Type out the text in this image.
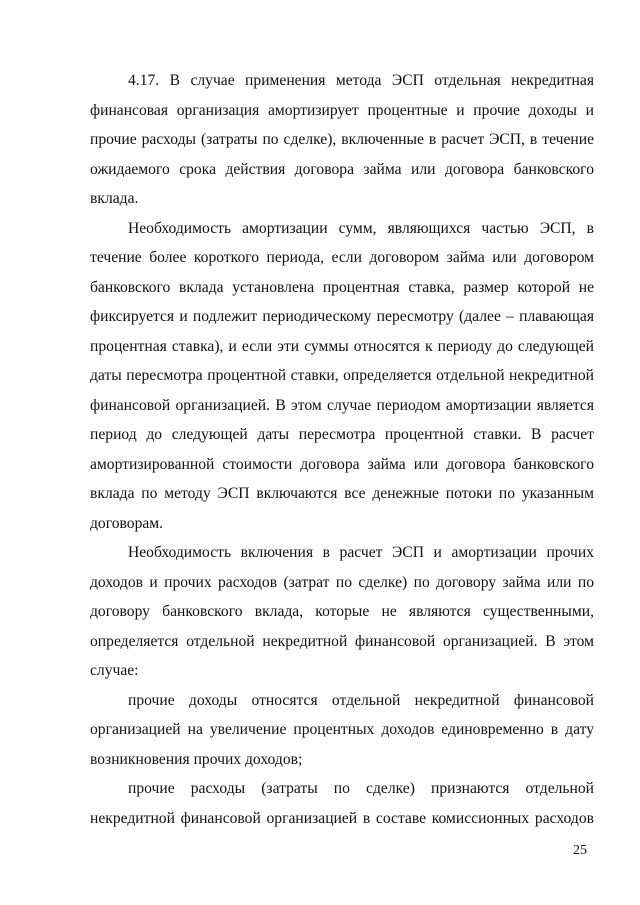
4.17. В случае применения метода ЭСП отдельная некредитная
финансовая организация амортизирует процентные и прочие доходы и
прочие расходы (затраты по сделке), включенные в расчет ЭСП, в течение
ожидаемого срока действия договора займа или договора банковского
вклада.
Необходимость амортизации сумм, являющихся частью ЭСП, в
течение более короткого периода, если договором займа или договором
банковского вклада установлена процентная ставка, размер которой не
фиксируется и подлежит периодическому пересмотру (далее – плавающая
процентная ставка), и если эти суммы относятся к периоду до следующей
даты пересмотра процентной ставки, определяется отдельной некредитной
финансовой организацией. В этом случае периодом амортизации является
период до следующей даты пересмотра процентной ставки. В расчет
амортизированной стоимости договора займа или договора банковского
вклада по методу ЭСП включаются все денежные потоки по указанным
договорам.
Необходимость включения в расчет ЭСП и амортизации прочих
доходов и прочих расходов (затрат по сделке) по договору займа или по
договору банковского вклада, которые не являются существенными,
определяется отдельной некредитной финансовой организацией. В этом
случае:
прочие доходы относятся отдельной некредитной финансовой
организацией на увеличение процентных доходов единовременно в дату
возникновения прочих доходов;
прочие расходы (затраты по сделке) признаются отдельной
некредитной финансовой организацией в составе комиссионных расходов
25
